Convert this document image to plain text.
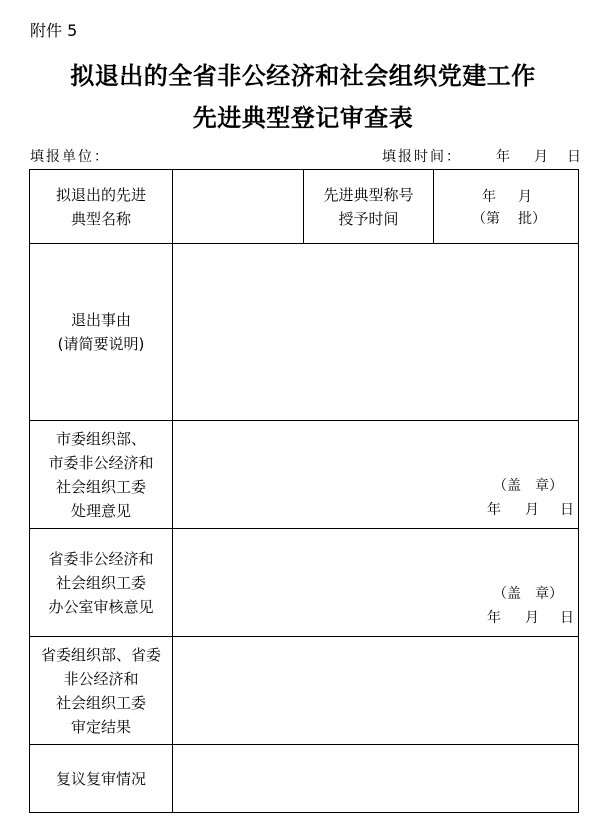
附件 5
拟退出的全省非公经济和社会组织党建工作
先进典型登记审查表
填报单位：	填报时间： 年 月 日
拟退出的先进
典型名称		先进典型称号
授予时间	年 月
（第 批）

退出事由
(请简要说明)			

市委组织部、
市委非公经济和
社会组织工委
处理意见	（盖　章）
年 月 日		

省委非公经济和
社会组织工委
办公室审核意见	（盖　章）
年 月 日		

省委组织部、省委
非公经济和
社会组织工委
审定结果			

复议复审情况			
